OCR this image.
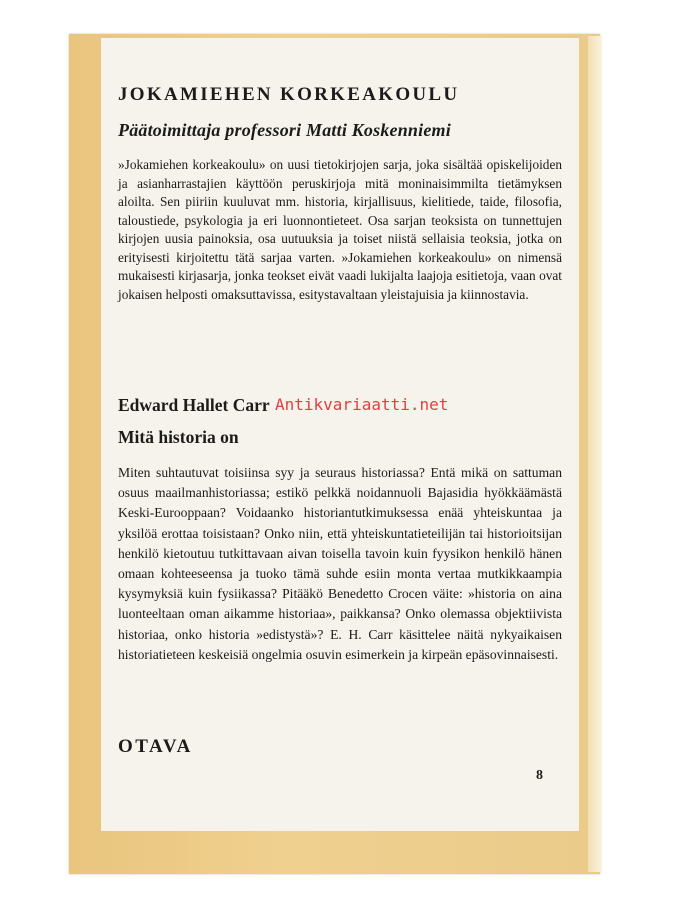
JOKAMIEHEN KORKEAKOULU
Päätoimittaja professori Matti Koskenniemi
»Jokamiehen korkeakoulu» on uusi tietokirjojen sarja, joka sisältää opiskelijoiden ja asianharrastajien käyttöön peruskirjoja mitä moninaisimmilta tietämyksen aloilta. Sen piiriin kuuluvat mm. historia, kirjallisuus, kielitiede, taide, filosofia, taloustiede, psykologia ja eri luonnontieteet. Osa sarjan teoksista on tunnettujen kirjojen uusia painoksia, osa uutuuksia ja toiset niistä sellaisia teoksia, jotka on erityisesti kirjoitettu tätä sarjaa varten. »Jokamiehen korkeakoulu» on nimensä mukaisesti kirjasarja, jonka teokset eivät vaadi lukijalta laajoja esitietoja, vaan ovat jokaisen helposti omaksuttavissa, esitystavaltaan yleistajuisia ja kiinnostavia.
Edward Hallet Carr Antikvariaatti.net
Mitä historia on
Miten suhtautuvat toisiinsa syy ja seuraus historiassa? Entä mikä on sattuman osuus maailmanhistoriassa; estikö pelkkä noidannuoli Bajasidia hyökkäämästä Keski-Eurooppaan? Voidaanko historiantutkimuksessa enää yhteiskuntaa ja yksilöä erottaa toisistaan? Onko niin, että yhteiskuntatieteilijän tai historioitsijan henkilö kietoutuu tutkittavaan aivan toisella tavoin kuin fyysikon henkilö hänen omaan kohteeseensa ja tuoko tämä suhde esiin monta vertaa mutkikkaampia kysymyksiä kuin fysiikassa? Pitääkö Benedetto Crocen väite: »historia on aina luonteeltaan oman aikamme historiaa», paikkansa? Onko olemassa objektiivista historiaa, onko historia »edistystä»? E. H. Carr käsittelee näitä nykyaikaisen historiatieteen keskeisiä ongelmia osuvin esimerkein ja kirpeän epäsovinnaisesti.
OTAVA
8
